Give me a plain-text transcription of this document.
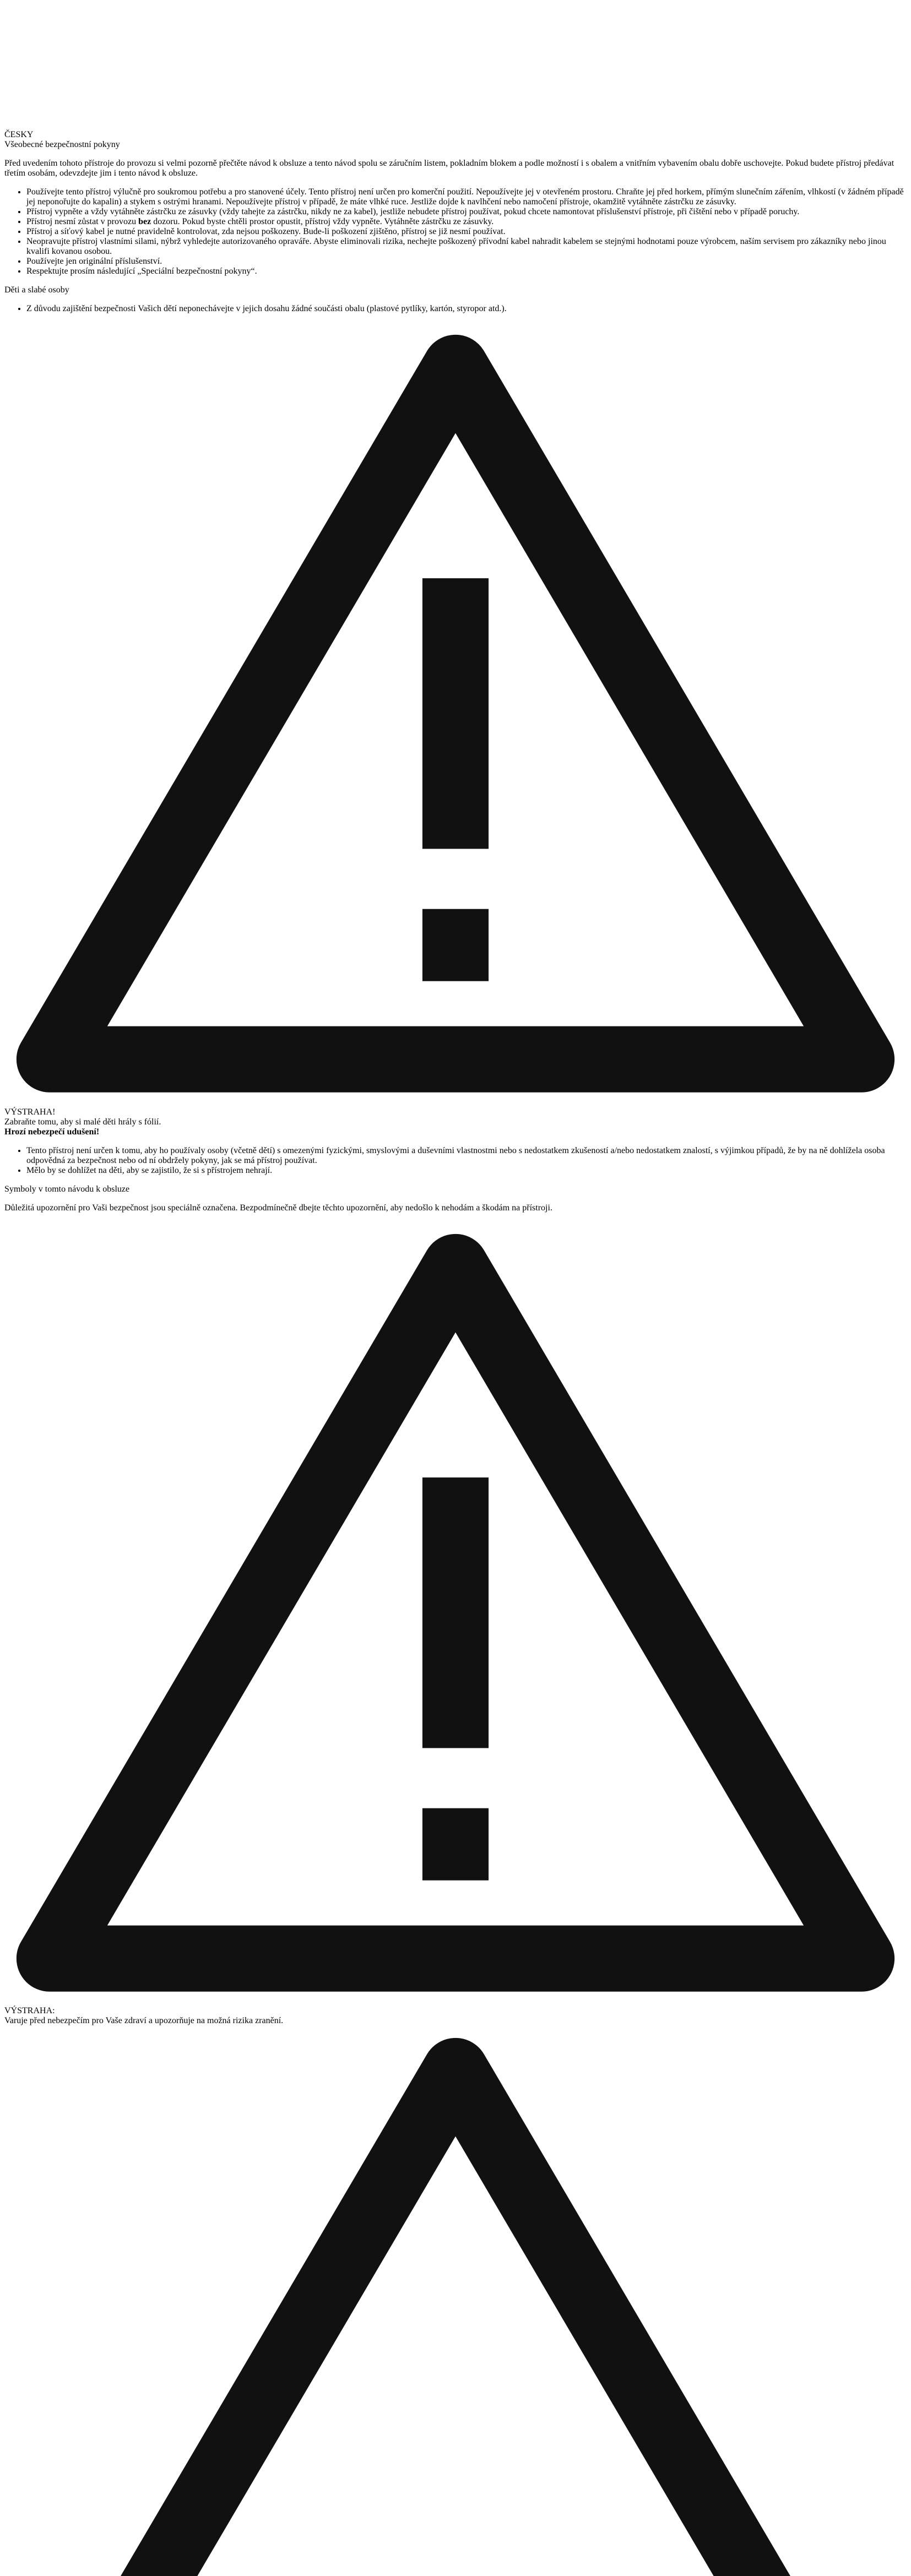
ČESKY
Všeobecné bezpečnostní pokyny

Před uvedením tohoto přístroje do provozu si velmi pozorně přečtěte návod k obsluze a tento návod spolu se záručním listem, pokladním blokem a podle možností i s obalem a vnitřním vybavením obalu dobře uschovejte. Pokud budete přístroj předávat třetím osobám, odevzdejte jim i tento návod k obsluze.

• Používejte tento přístroj výlučně pro soukromou potřebu a pro stanovené účely. Tento přístroj není určen pro komerční použití. Nepoužívejte jej v otevřeném prostoru. Chraňte jej před horkem, přímým slunečním zářením, vlhkostí (v žádném případě jej neponořujte do kapalin) a stykem s ostrými hranami. Nepoužívejte přístroj v případě, že máte vlhké ruce. Jestliže dojde k navlhčení nebo namočení přístroje, okamžitě vytáhněte zástrčku ze zásuvky.
• Přístroj vypněte a vždy vytáhněte zástrčku ze zásuvky (vždy tahejte za zástrčku, nikdy ne za kabel), jestliže nebudete přístroj používat, pokud chcete namontovat příslušenství přístroje, při čištění nebo v případě poruchy.
• Přístroj nesmí zůstat v provozu bez dozoru. Pokud byste chtěli prostor opustit, přístroj vždy vypněte. Vytáhněte zástrčku ze zásuvky.
• Přístroj a síťový kabel je nutné pravidelně kontrolovat, zda nejsou poškozeny. Bude-li poškození zjištěno, přístroj se již nesmí používat.
• Neopravujte přístroj vlastními silami, nýbrž vyhledejte autorizovaného opraváře. Abyste eliminovali rizika, nechejte poškozený přívodní kabel nahradit kabelem se stejnými hodnotami pouze výrobcem, naším servisem pro zákazníky nebo jinou kvalifi kovanou osobou.
• Používejte jen originální příslušenství.
• Respektujte prosím následující „Speciální bezpečnostní pokyny“.
Děti a slabé osoby
• Z důvodu zajištění bezpečnosti Vašich dětí neponechávejte v jejich dosahu žádné součásti obalu (plastové pytlíky, kartón, styropor atd.).
VÝSTRAHA!
Zabraňte tomu, aby si malé děti hrály s fólií.
Hrozí nebezpečí udušení!
• Tento přístroj není určen k tomu, aby ho používaly osoby (včetně dětí) s omezenými fyzickými, smyslovými a duševními vlastnostmi nebo s nedostatkem zkušeností a/nebo nedostatkem znalostí, s výjimkou případů, že by na ně dohlížela osoba odpovědná za bezpečnost nebo od ní obdržely pokyny, jak se má přístroj používat.
• Mělo by se dohlížet na děti, aby se zajistilo, že si s přístrojem nehrají.
Symboly v tomto návodu k obsluze

Důležitá upozornění pro Vaši bezpečnost jsou speciálně označena. Bezpodmínečně dbejte těchto upozornění, aby nedošlo k nehodám a škodám na přístroji.

VÝSTRAHA:
Varuje před nebezpečím pro Vaše zdraví a upozorňuje na možná rizika zranění.
